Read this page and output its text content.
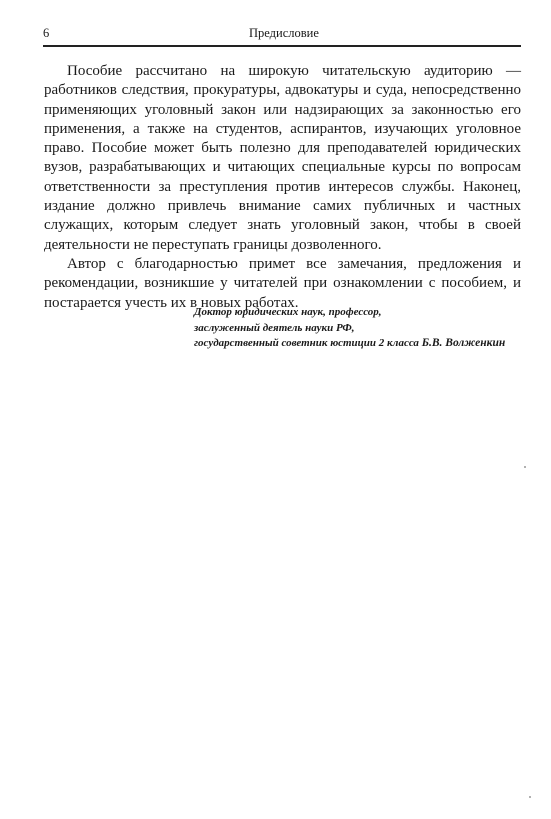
6	Предисловие

Пособие рассчитано на широкую читательскую аудиторию — работников следствия, прокуратуры, адвокатуры и суда, непосредственно применяющих уголовный закон или надзирающих за законностью его применения, а также на студентов, аспирантов, изучающих уголовное право. Пособие может быть полезно для преподавателей юридических вузов, разрабатывающих и читающих специальные курсы по вопросам ответственности за преступления против интересов службы. Наконец, издание должно привлечь внимание самих публичных и частных служащих, которым следует знать уголовный закон, чтобы в своей деятельности не переступать границы дозволенного.

Автор с благодарностью примет все замечания, предложения и рекомендации, возникшие у читателей при ознакомлении с пособием, и постарается учесть их в новых работах.

Доктор юридических наук, профессор,
заслуженный деятель науки РФ,
государственный советник юстиции 2 класса Б.В. Волженкин
